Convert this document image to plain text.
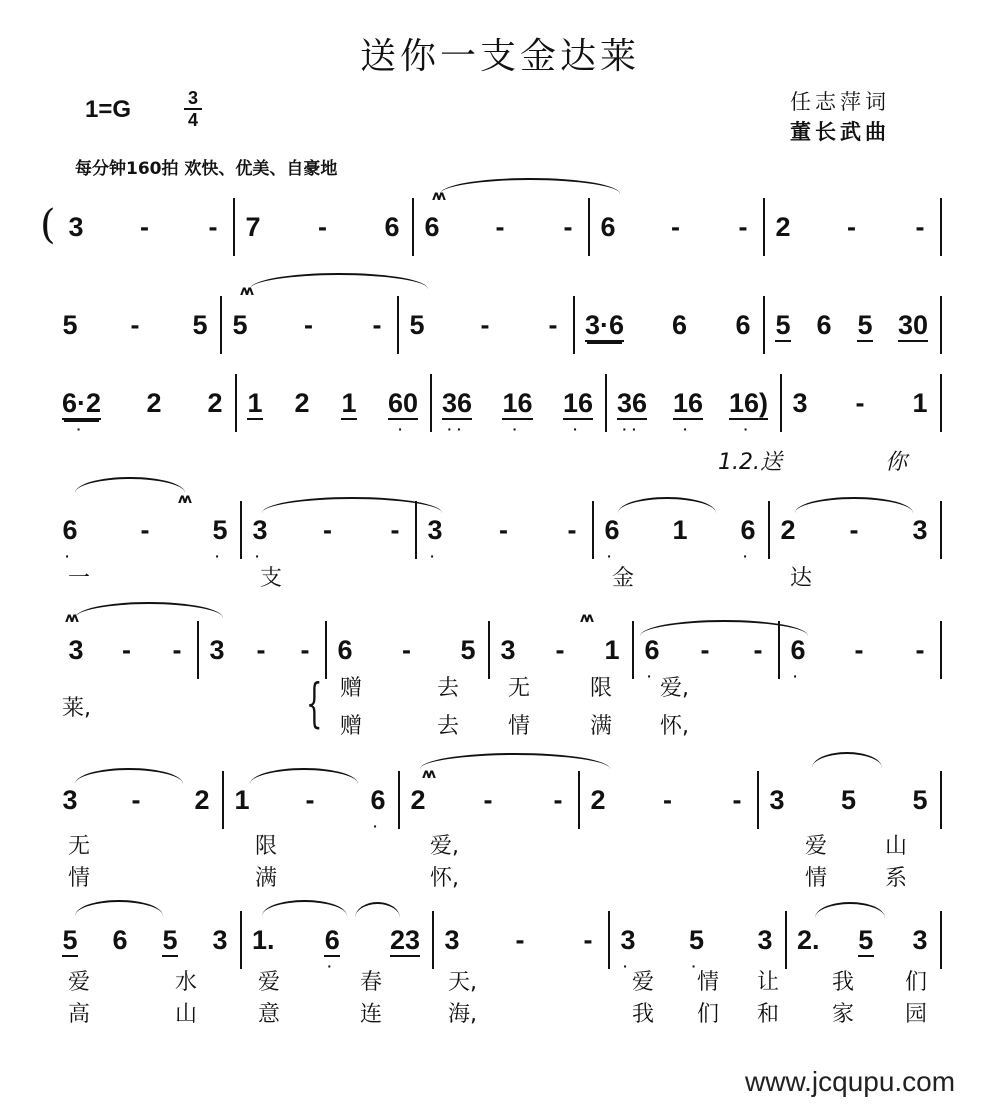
送你一支金达莱
1=G	3
4
任志萍词
董长武曲
每分钟160拍 欢快、优美、自豪地
(
{
www.jcqupu.com
3 - - 7 - 6 6 - - 6 - - 2 - -
5 - 5 5 - - 5 - - 3·6 6 6 5 6 5 30
6·2
·
2 2 1 2 1 60
·
36
··
16
·
16
·
36
··
16
·
16)
·
3 - 1
6
·
- 5
·
3
·
- - 3
·
- - 6
·
1 6
·
2 - 3
3 - - 3 - - 6 - 5 3 - 1 6
·
- - 6
·
- -
3 - 2 1 - 6
·
2 - - 2 - - 3 5 5
5 6 5 3 1. 6
·
23 3 - - 3
·
5
·
3 2. 5 3
1.2.送	你
一	支	金	达
莱,
赠	去 无	限 爱,
赠	去 情	满 怀,
无	限	爱,	爱	山
情	满	怀,	情	系
爱	水	爱	春	天,	爱 情 让 我 们
高	山	意	连	海,	我 们 和 家 园
ʌʌ
ʌʌ
ʌʌ
ʌʌ	ʌʌ
ʌʌ
